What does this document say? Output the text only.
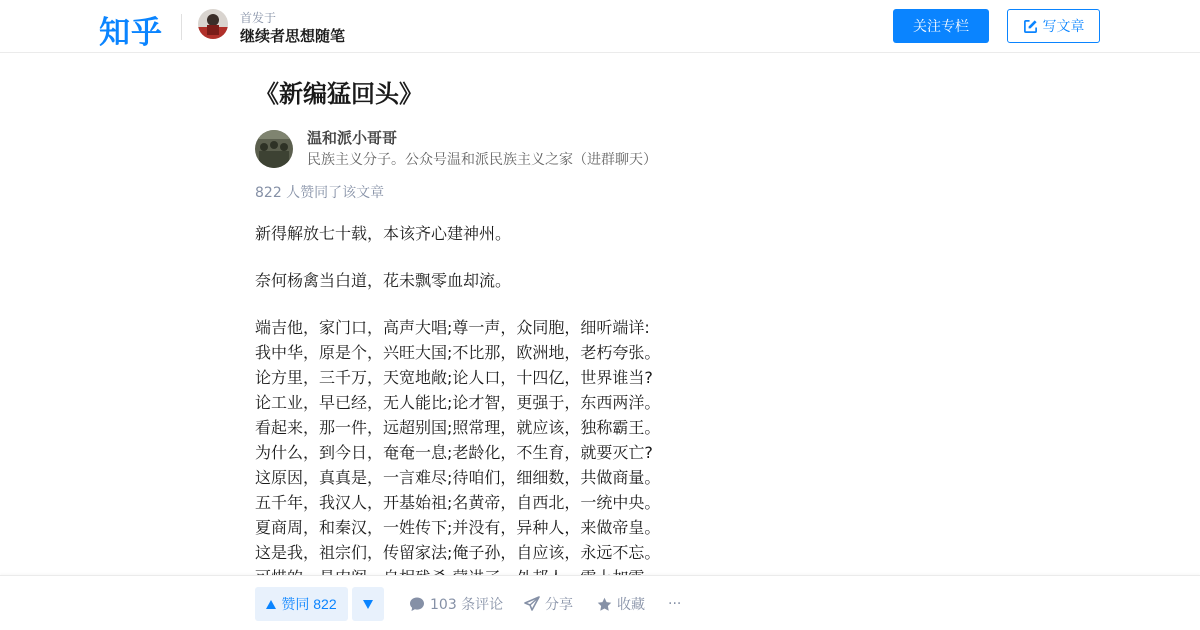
知乎	首发于
继续者思想随笔
关注专栏	写文章
《新编猛回头》
温和派小哥哥
民族主义分子。公众号温和派民族主义之家（进群聊天）
822 人赞同了该文章

新得解放七十载，本该齐心建神州。

奈何杨禽当白道，花未飘零血却流。

端吉他，家门口，高声大唱;尊一声，众同胞，细听端详:

我中华，原是个，兴旺大国;不比那，欧洲地，老朽夸张。

论方里，三千万，天宽地敞;论人口，十四亿，世界谁当?

论工业，早已经，无人能比;论才智，更强于，东西两洋。

看起来，那一件，远超别国;照常理，就应该，独称霸王。

为什么，到今日，奄奄一息;老龄化，不生育，就要灭亡?

这原因，真真是，一言难尽;待咱们，细细数，共做商量。

五千年，我汉人，开基始祖;名黄帝，自西北，一统中央。

夏商周，和秦汉，一姓传下;并没有，异种人，来做帝皇。

这是我，祖宗们，传留家法;俺子孙，自应该，永远不忘。

赞同 822	103 条评论	分享	收藏 ···
